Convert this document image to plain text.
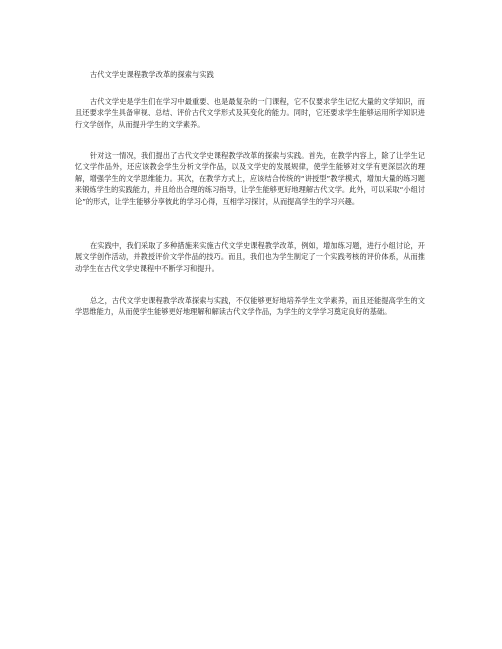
古代文学史课程教学改革的探索与实践

古代文学史是学生们在学习中最重要、也是最复杂的一门课程，它不仅要求学生记忆大量的文学知识，而且还要求学生具备审视、总结、评价古代文学形式及其变化的能力。同时，它还要求学生能够运用所学知识进行文学创作，从而提升学生的文学素养。

针对这一情况，我们提出了古代文学史课程教学改革的探索与实践。首先，在教学内容上，除了让学生记忆文学作品外，还应该教会学生分析文学作品，以及文学史的发展规律，使学生能够对文学有更深层次的理解，增强学生的文学思维能力。其次，在教学方式上，应该结合传统的“讲授型”教学模式，增加大量的练习题来锻炼学生的实践能力，并且给出合理的练习指导，让学生能够更好地理解古代文学。此外，可以采取“小组讨论”的形式，让学生能够分享彼此的学习心得，互相学习探讨，从而提高学生的学习兴趣。

在实践中，我们采取了多种措施来实施古代文学史课程教学改革，例如，增加练习题，进行小组讨论，开展文学创作活动，并教授评价文学作品的技巧。而且，我们也为学生制定了一个实践考核的评价体系，从而推动学生在古代文学史课程中不断学习和提升。

总之，古代文学史课程教学改革探索与实践，不仅能够更好地培养学生文学素养，而且还能提高学生的文学思维能力，从而使学生能够更好地理解和解读古代文学作品，为学生的文学学习奠定良好的基础。
